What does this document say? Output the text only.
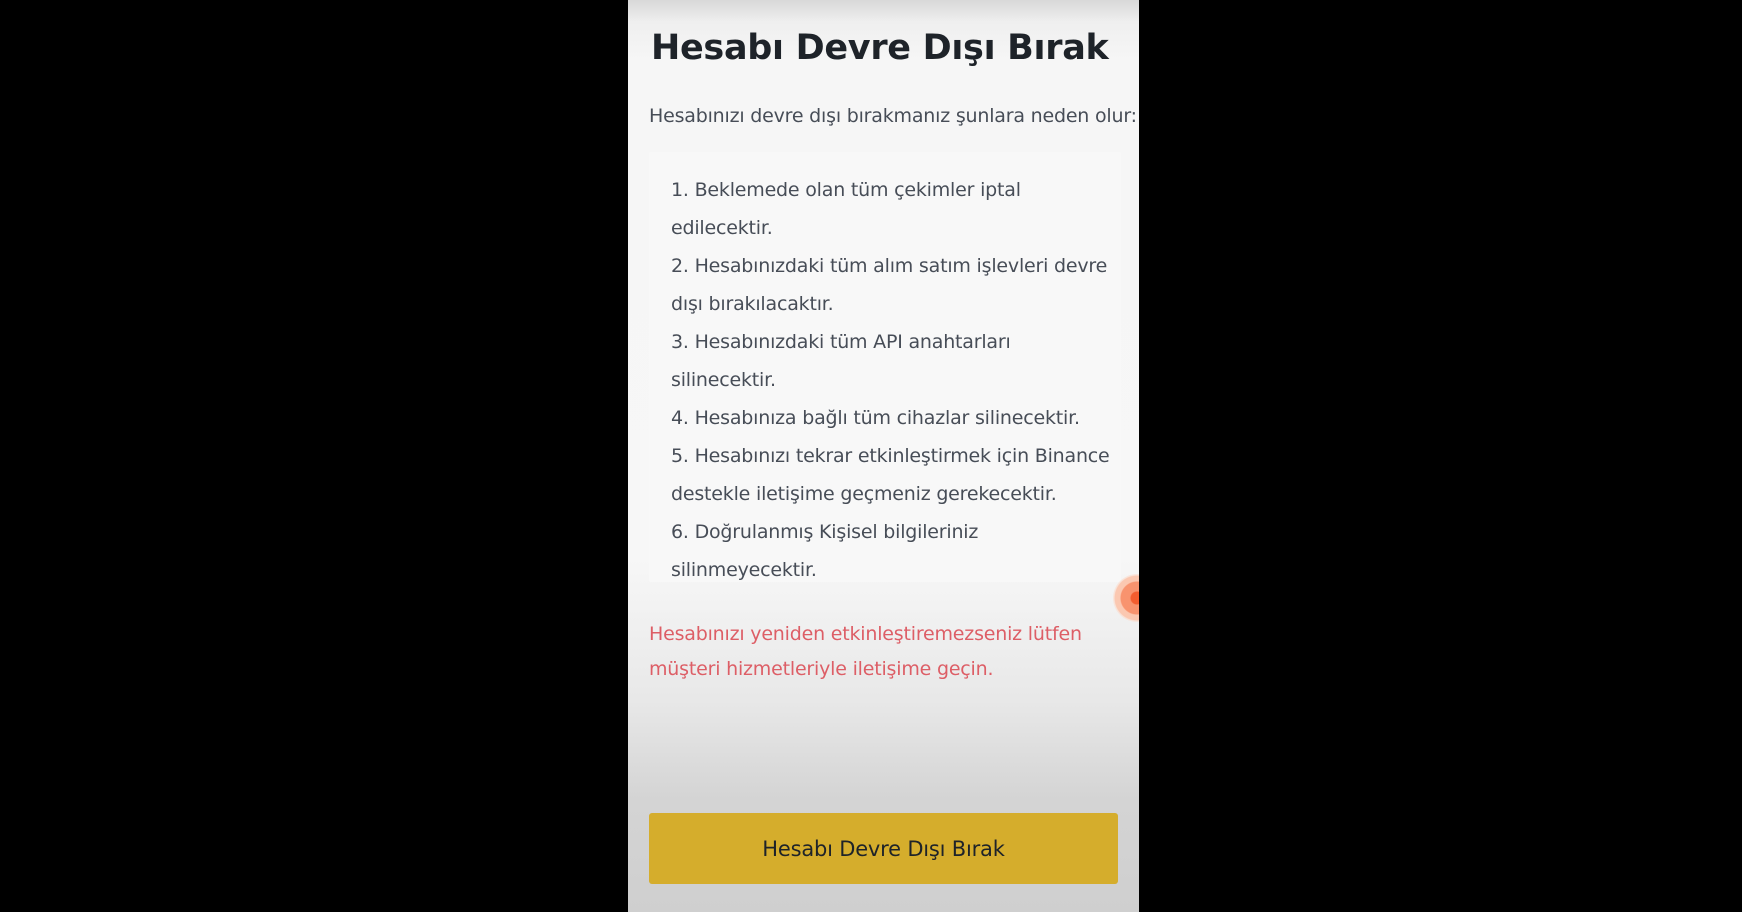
Hesabı Devre Dışı Bırak

Hesabınızı devre dışı bırakmanız şunlara neden olur:

1. Beklemede olan tüm çekimler iptal edilecektir.
2. Hesabınızdaki tüm alım satım işlevleri devre dışı bırakılacaktır.
3. Hesabınızdaki tüm API anahtarları silinecektir.
4. Hesabınıza bağlı tüm cihazlar silinecektir.
5. Hesabınızı tekrar etkinleştirmek için Binance destekle iletişime geçmeniz gerekecektir.
6. Doğrulanmış Kişisel bilgileriniz silinmeyecektir.

Hesabınızı yeniden etkinleştiremezseniz lütfen müşteri hizmetleriyle iletişime geçin.

Hesabı Devre Dışı Bırak
